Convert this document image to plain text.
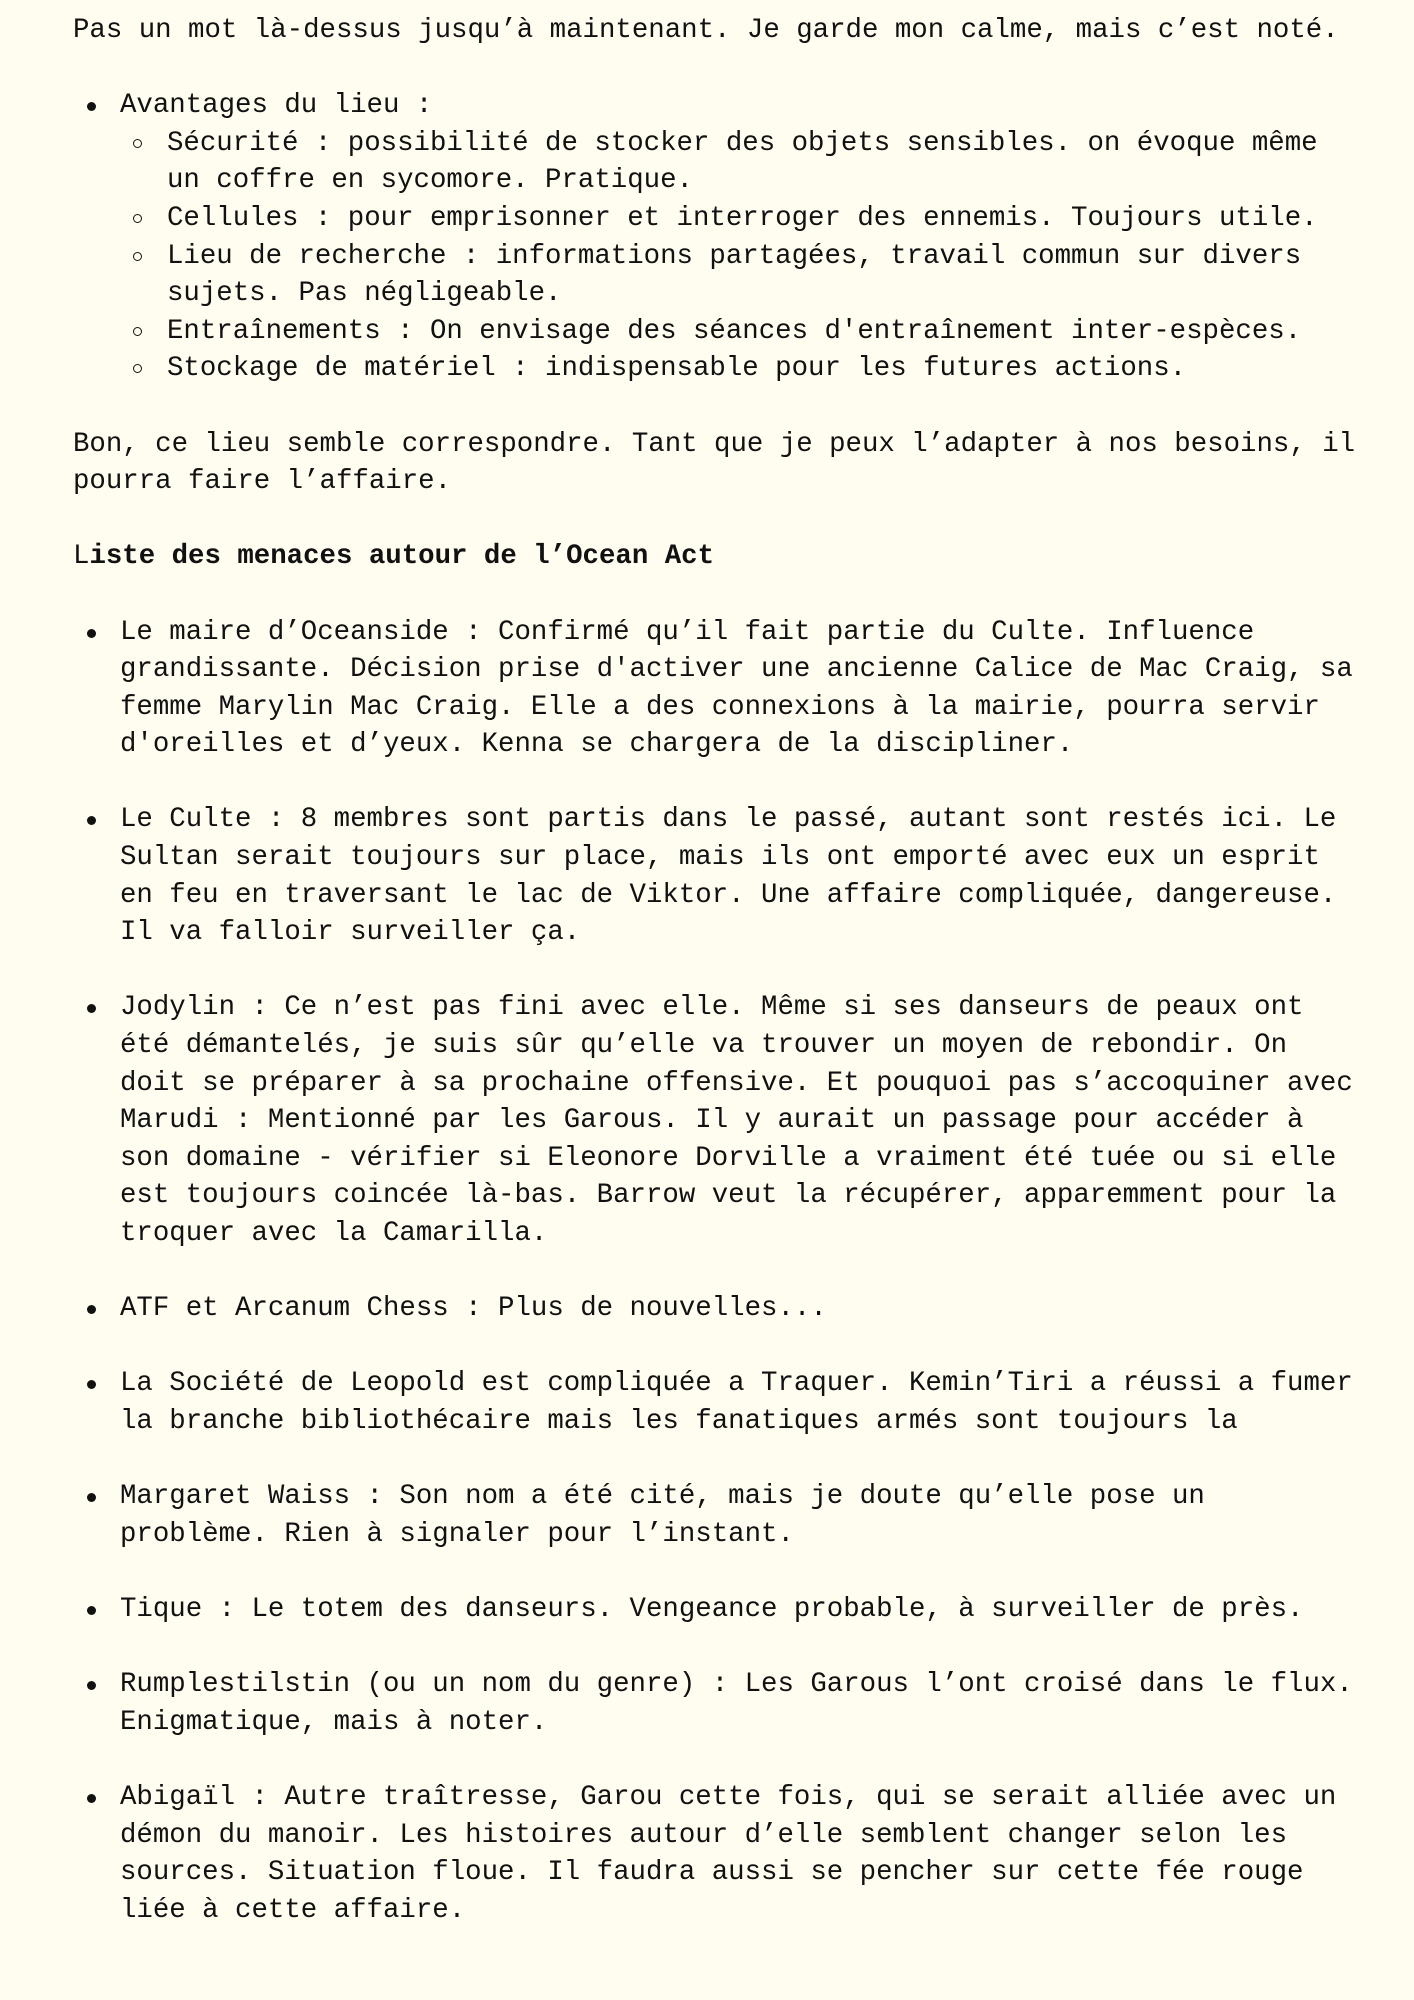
Pas un mot là-dessus jusqu’à maintenant. Je garde mon calme, mais c’est noté.

Avantages du lieu :
Sécurité : possibilité de stocker des objets sensibles. on évoque même un coffre en sycomore. Pratique.
Cellules : pour emprisonner et interroger des ennemis. Toujours utile.
Lieu de recherche : informations partagées, travail commun sur divers sujets. Pas négligeable.
Entraînements : On envisage des séances d'entraînement inter-espèces.
Stockage de matériel : indispensable pour les futures actions.

Bon, ce lieu semble correspondre. Tant que je peux l’adapter à nos besoins, il pourra faire l’affaire.

Liste des menaces autour de l’Ocean Act

Le maire d’Oceanside : Confirmé qu’il fait partie du Culte. Influence grandissante. Décision prise d'activer une ancienne Calice de Mac Craig, sa femme Marylin Mac Craig. Elle a des connexions à la mairie, pourra servir d'oreilles et d’yeux. Kenna se chargera de la discipliner.
Le Culte : 8 membres sont partis dans le passé, autant sont restés ici. Le Sultan serait toujours sur place, mais ils ont emporté avec eux un esprit en feu en traversant le lac de Viktor. Une affaire compliquée, dangereuse. Il va falloir surveiller ça.
Jodylin : Ce n’est pas fini avec elle. Même si ses danseurs de peaux ont été démantelés, je suis sûr qu’elle va trouver un moyen de rebondir. On doit se préparer à sa prochaine offensive. Et pouquoi pas s’accoquiner avec Marudi : Mentionné par les Garous. Il y aurait un passage pour accéder à son domaine - vérifier si Eleonore Dorville a vraiment été tuée ou si elle est toujours coincée là-bas. Barrow veut la récupérer, apparemment pour la troquer avec la Camarilla.
ATF et Arcanum Chess : Plus de nouvelles...
La Société de Leopold est compliquée a Traquer. Kemin’Tiri a réussi a fumer la branche bibliothécaire mais les fanatiques armés sont toujours la
Margaret Waiss : Son nom a été cité, mais je doute qu’elle pose un problème. Rien à signaler pour l’instant.
Tique : Le totem des danseurs. Vengeance probable, à surveiller de près.
Rumplestilstin (ou un nom du genre) : Les Garous l’ont croisé dans le flux. Enigmatique, mais à noter.
Abigaïl : Autre traîtresse, Garou cette fois, qui se serait alliée avec un démon du manoir. Les histoires autour d’elle semblent changer selon les sources. Situation floue. Il faudra aussi se pencher sur cette fée rouge liée à cette affaire.
